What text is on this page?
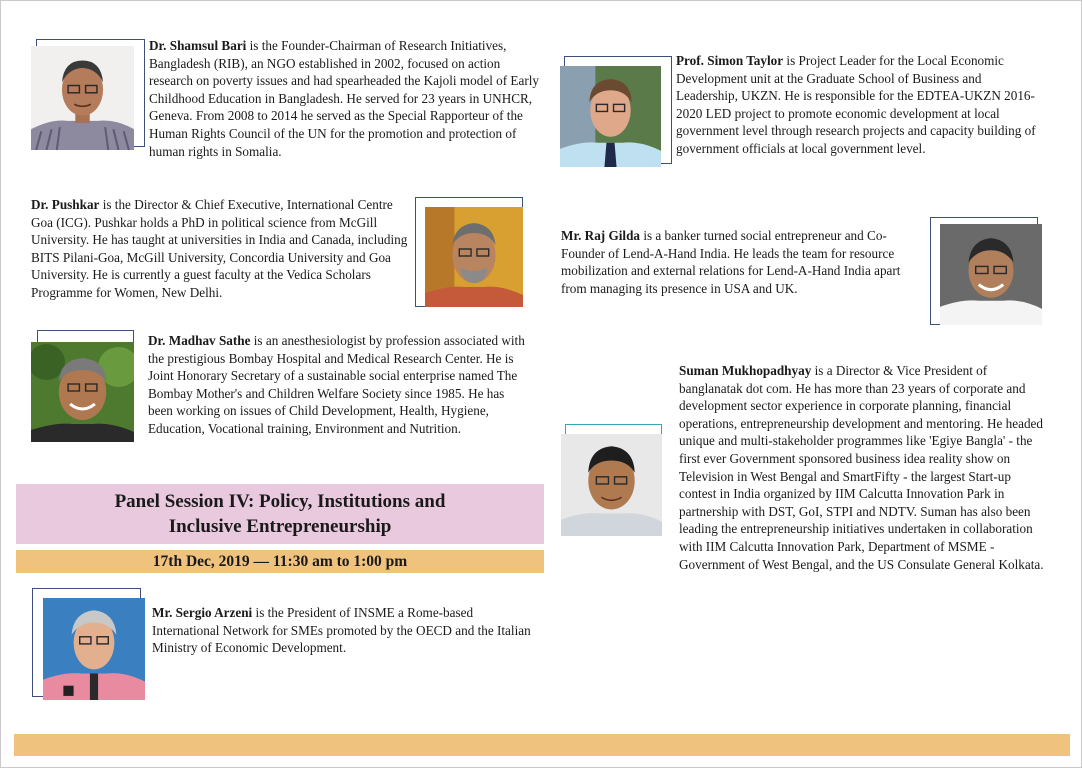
Dr. Shamsul Bari is the Founder-Chairman of Research Initiatives, Bangladesh (RIB), an NGO established in 2002, focused on action research on poverty issues and had spearheaded the Kajoli model of Early Childhood Education in Bangladesh. He served for 23 years in UNHCR, Geneva. From 2008 to 2014 he served as the Special Rapporteur of the Human Rights Council of the UN for the promotion and protection of human rights in Somalia.

Dr. Pushkar is the Director & Chief Executive, International Centre Goa (ICG). Pushkar holds a PhD in political science from McGill University. He has taught at universities in India and Canada, including BITS Pilani-Goa, McGill University, Concordia University and Goa University. He is currently a guest faculty at the Vedica Scholars Programme for Women, New Delhi.

Dr. Madhav Sathe is an anesthesiologist by profession associated with the prestigious Bombay Hospital and Medical Research Center. He is Joint Honorary Secretary of a sustainable social enterprise named The Bombay Mother's and Children Welfare Society since 1985. He has been working on issues of Child Development, Health, Hygiene, Education, Vocational training, Environment and Nutrition.

Panel Session IV: Policy, Institutions and
Inclusive Entrepreneurship
17th Dec, 2019 — 11:30 am to 1:00 pm

Mr. Sergio Arzeni is the President of INSME a Rome-based International Network for SMEs promoted by the OECD and the Italian Ministry of Economic Development.

Prof. Simon Taylor is Project Leader for the Local Economic Development unit at the Graduate School of Business and Leadership, UKZN. He is responsible for the EDTEA-UKZN 2016-2020 LED project to promote economic development at local government level through research projects and capacity building of government officials at local government level.

Mr. Raj Gilda is a banker turned social entrepreneur and Co-Founder of Lend-A-Hand India. He leads the team for resource mobilization and external relations for Lend-A-Hand India apart from managing its presence in USA and UK.

Suman Mukhopadhyay is a Director & Vice President of banglanatak dot com. He has more than 23 years of corporate and development sector experience in corporate planning, financial operations, entrepreneurship development and mentoring. He headed unique and multi-stakeholder programmes like 'Egiye Bangla' - the first ever Government sponsored business idea reality show on Television in West Bengal and SmartFifty - the largest Start-up contest in India organized by IIM Calcutta Innovation Park in partnership with DST, GoI, STPI and NDTV. Suman has also been leading the entrepreneurship initiatives undertaken in collaboration with IIM Calcutta Innovation Park, Department of MSME - Government of West Bengal, and the US Consulate General Kolkata.
